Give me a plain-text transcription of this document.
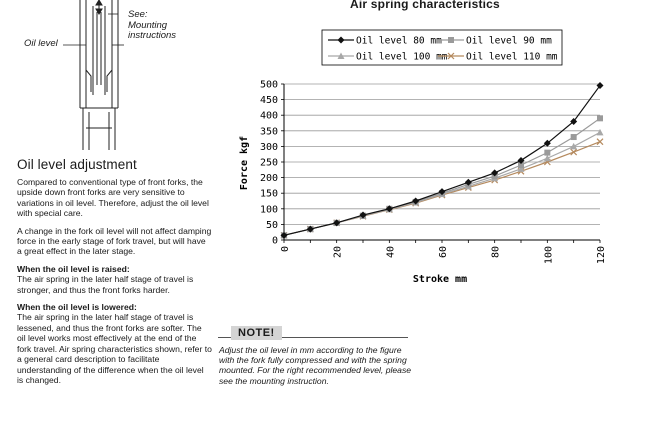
See:
Mounting
instructions
Oil level
Oil level adjustment

Compared to conventional type of front forks, the upside down front forks are very sensitive to variations in oil level. Therefore, adjust the oil level with special care.

A change in the fork oil level will not affect damping force in the early stage of fork travel, but will have a great effect in the later stage.

When the oil level is raised:
The air spring in the later half stage of travel is stronger, and thus the front forks harder.

When the oil level is lowered:
The air spring in the later half stage of travel is lessened, and thus the front forks are softer. The oil level works most effectively at the end of the fork travel. Air spring characteristics shown, refer to a general card description to facilitate understanding of the difference when the oil level is changed.

Air spring characteristics
0
50
100
150
200
250
300
350
400
450
500
0	20	40	60	80	100	120
Oil level 80 mm	Oil level 90 mm
Oil level 100 mm Oil level 110 mm
Force kgf
Stroke mm
NOTE!
Adjust the oil level in mm according to the figure with the fork fully compressed and with the spring mounted. For the right recommended level, please see the mounting instruction.
